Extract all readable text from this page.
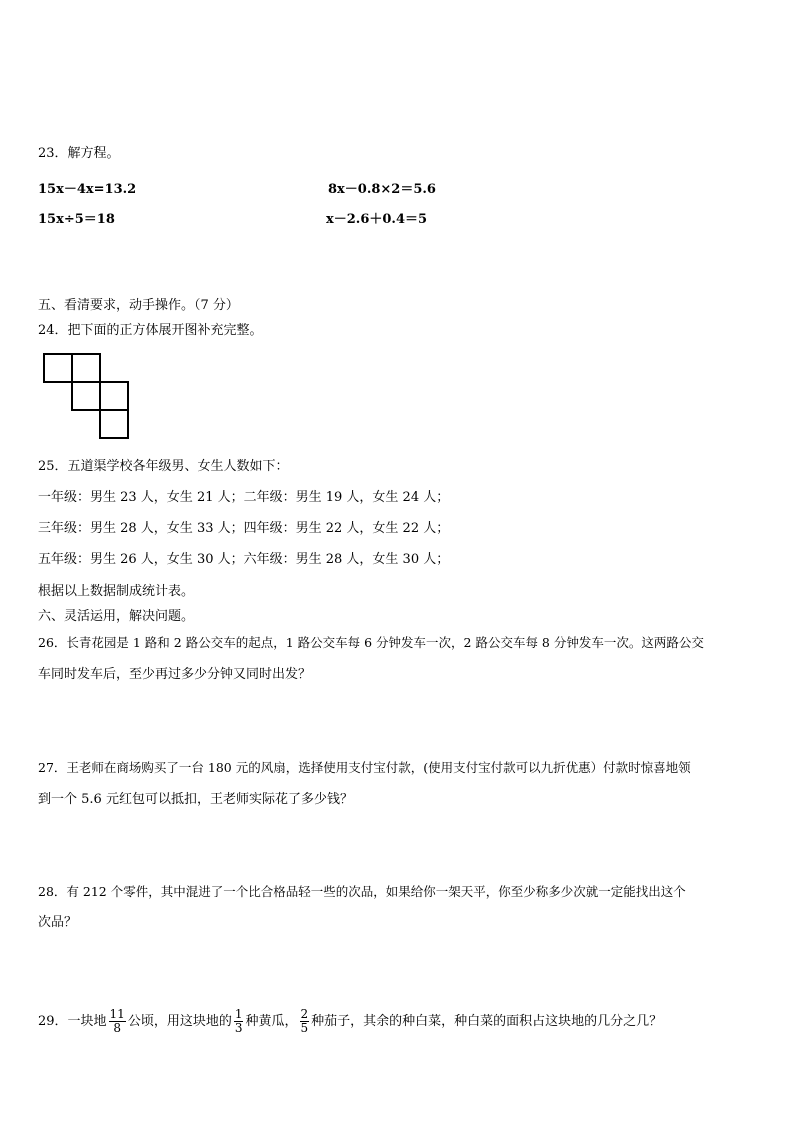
23．解方程。
15x－4x=13.2	8x－0.8×2＝5.6
15x÷5＝18	x－2.6＋0.4＝5
五、看清要求，动手操作。（7 分）
24．把下面的正方体展开图补充完整。
25．五道渠学校各年级男、女生人数如下：
一年级：男生 23 人，女生 21 人；二年级：男生 19 人，女生 24 人；
三年级：男生 28 人，女生 33 人；四年级：男生 22 人，女生 22 人；
五年级：男生 26 人，女生 30 人；六年级：男生 28 人，女生 30 人；
根据以上数据制成统计表。
六、灵活运用，解决问题。
26．长青花园是 1 路和 2 路公交车的起点，1 路公交车每 6 分钟发车一次，2 路公交车每 8 分钟发车一次。这两路公交
车同时发车后，至少再过多少分钟又同时出发？
27．王老师在商场购买了一台 180 元的风扇，选择使用支付宝付款，(使用支付宝付款可以九折优惠）付款时惊喜地领
到一个 5.6 元红包可以抵扣，王老师实际花了多少钱？
28．有 212 个零件，其中混进了一个比合格品轻一些的次品，如果给你一架天平，你至少称多少次就一定能找出这个
次品？
29．一块地 $\frac{11}{8}$ 公顷，用这块地的 $\frac{1}{3}$ 种黄瓜， $\frac{2}{5}$ 种茄子，其余的种白菜，种白菜的面积占这块地的几分之几？
